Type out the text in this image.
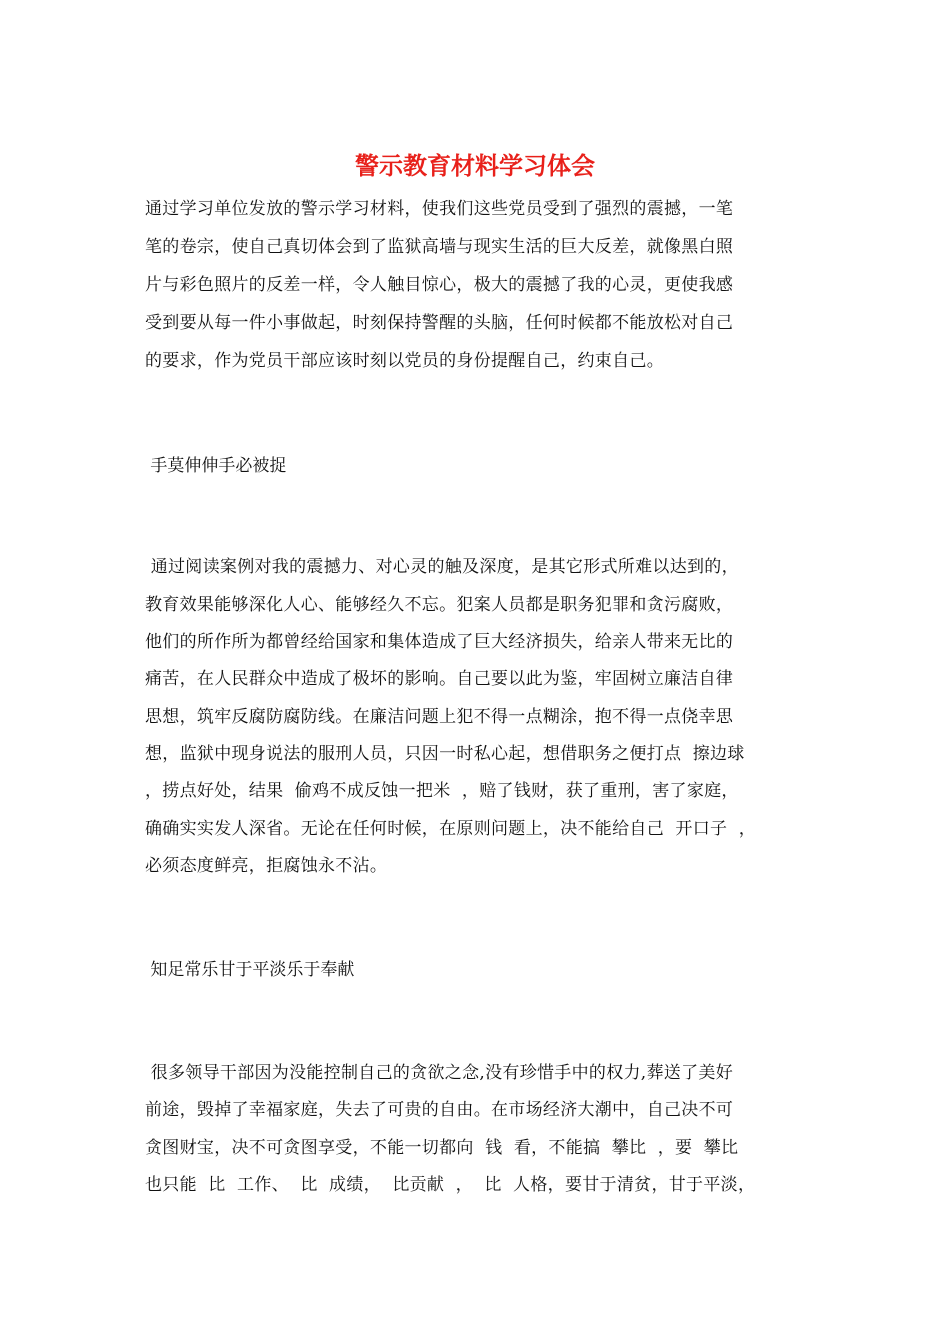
警示教育材料学习体会
通过学习单位发放的警示学习材料，使我们这些党员受到了强烈的震撼，一笔
笔的卷宗，使自己真切体会到了监狱高墙与现实生活的巨大反差，就像黑白照
片与彩色照片的反差一样，令人触目惊心，极大的震撼了我的心灵，更使我感
受到要从每一件小事做起，时刻保持警醒的头脑，任何时候都不能放松对自己
的要求，作为党员干部应该时刻以党员的身份提醒自己，约束自己。
手莫伸伸手必被捉
通过阅读案例对我的震撼力、对心灵的触及深度，是其它形式所难以达到的，
教育效果能够深化人心、能够经久不忘。犯案人员都是职务犯罪和贪污腐败，
他们的所作所为都曾经给国家和集体造成了巨大经济损失，给亲人带来无比的
痛苦，在人民群众中造成了极坏的影响。自己要以此为鉴，牢固树立廉洁自律
思想，筑牢反腐防腐防线。在廉洁问题上犯不得一点糊涂，抱不得一点侥幸思
想，监狱中现身说法的服刑人员，只因一时私心起，想借职务之便打点  擦边球
，捞点好处，结果  偷鸡不成反蚀一把米  ，赔了钱财，获了重刑，害了家庭，
确确实实发人深省。无论在任何时候，在原则问题上，决不能给自己  开口子  ，
必须态度鲜亮，拒腐蚀永不沾。
知足常乐甘于平淡乐于奉献
很多领导干部因为没能控制自己的贪欲之念,没有珍惜手中的权力,葬送了美好
前途，毁掉了幸福家庭，失去了可贵的自由。在市场经济大潮中，自己决不可
贪图财宝，决不可贪图享受，不能一切都向  钱  看，不能搞  攀比  ，要  攀比
也只能  比  工作、  比  成绩，  比贡献  ，  比  人格，要甘于清贫，甘于平淡，
